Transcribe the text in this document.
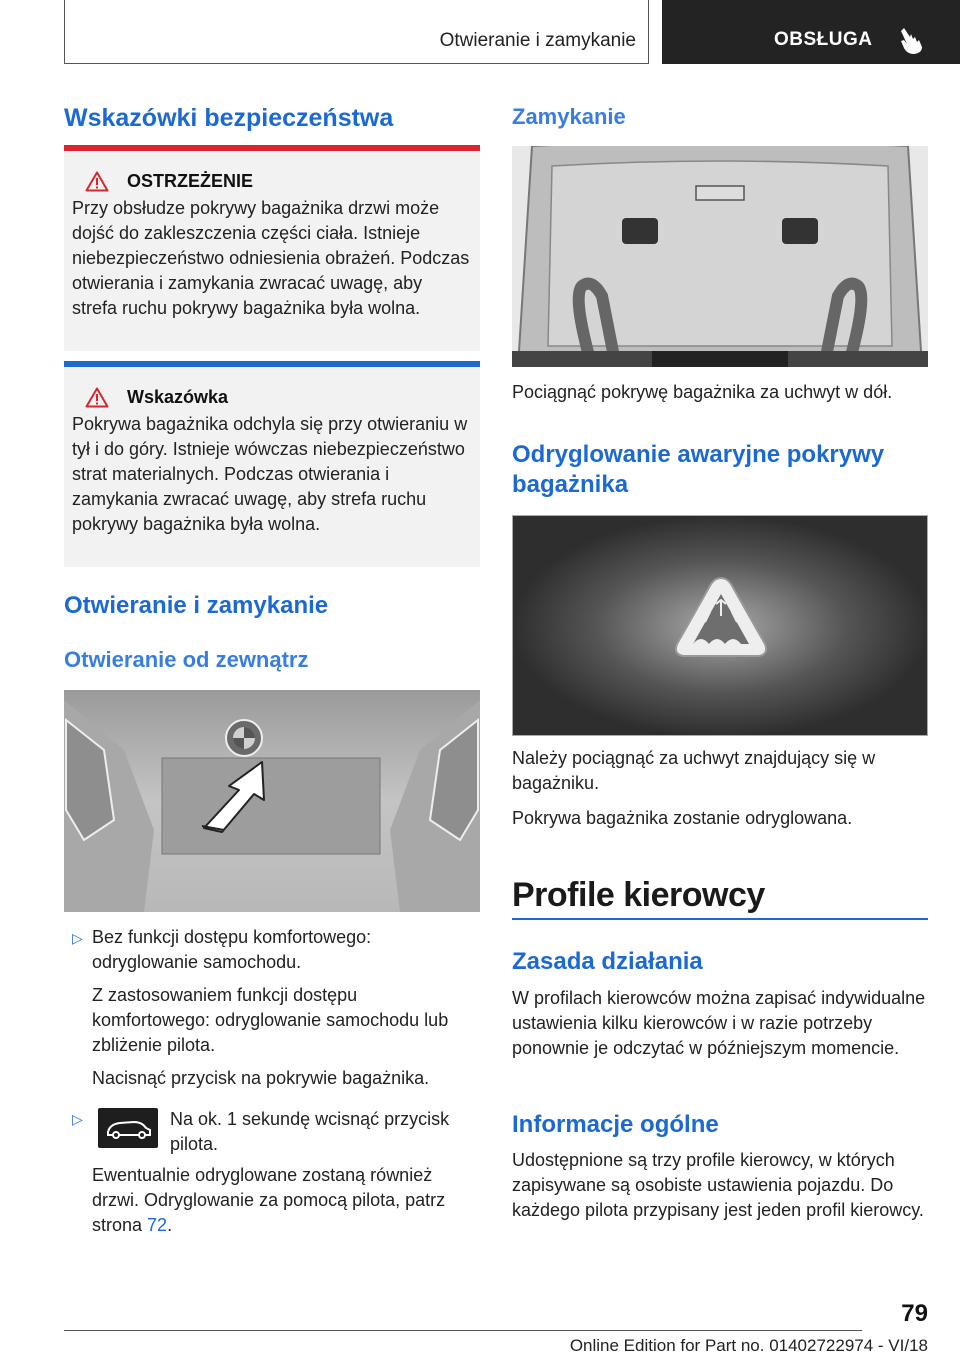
Otwieranie i zamykanie	OBSŁUGA
Wskazówki bezpieczeństwa
OSTRZEŻENIE

Przy obsłudze pokrywy bagażnika drzwi może dojść do zakleszczenia części ciała. Istnieje niebezpieczeństwo odniesienia obrażeń. Podczas otwierania i zamykania zwracać uwagę, aby strefa ruchu pokrywy bagażnika była wolna.

Wskazówka

Pokrywa bagażnika odchyla się przy otwieraniu w tył i do góry. Istnieje wówczas niebezpieczeństwo strat materialnych. Podczas otwierania i zamykania zwracać uwagę, aby strefa ruchu pokrywy bagażnika była wolna.

Otwieranie i zamykanie
Otwieranie od zewnątrz
▷ Bez funkcji dostępu komfortowego: odryglowanie samochodu.

Z zastosowaniem funkcji dostępu komfortowego: odryglowanie samochodu lub zbliżenie pilota.

Nacisnąć przycisk na pokrywie bagażnika.

▷	Na ok. 1 sekundę wcisnąć przycisk pilota.

Ewentualnie odryglowane zostaną również drzwi. Odryglowanie za pomocą pilota, patrz strona 72.

Zamykanie

Pociągnąć pokrywę bagażnika za uchwyt w dół.

Odryglowanie awaryjne pokrywy bagażnika

Należy pociągnąć za uchwyt znajdujący się w bagażniku.

Pokrywa bagażnika zostanie odryglowana.

Profile kierowcy
Zasada działania

W profilach kierowców można zapisać indywidualne ustawienia kilku kierowców i w razie potrzeby ponownie je odczytać w późniejszym momencie.

Informacje ogólne

Udostępnione są trzy profile kierowcy, w których zapisywane są osobiste ustawienia pojazdu. Do każdego pilota przypisany jest jeden profil kierowcy.

79
Online Edition for Part no. 01402722974 - VI/18
